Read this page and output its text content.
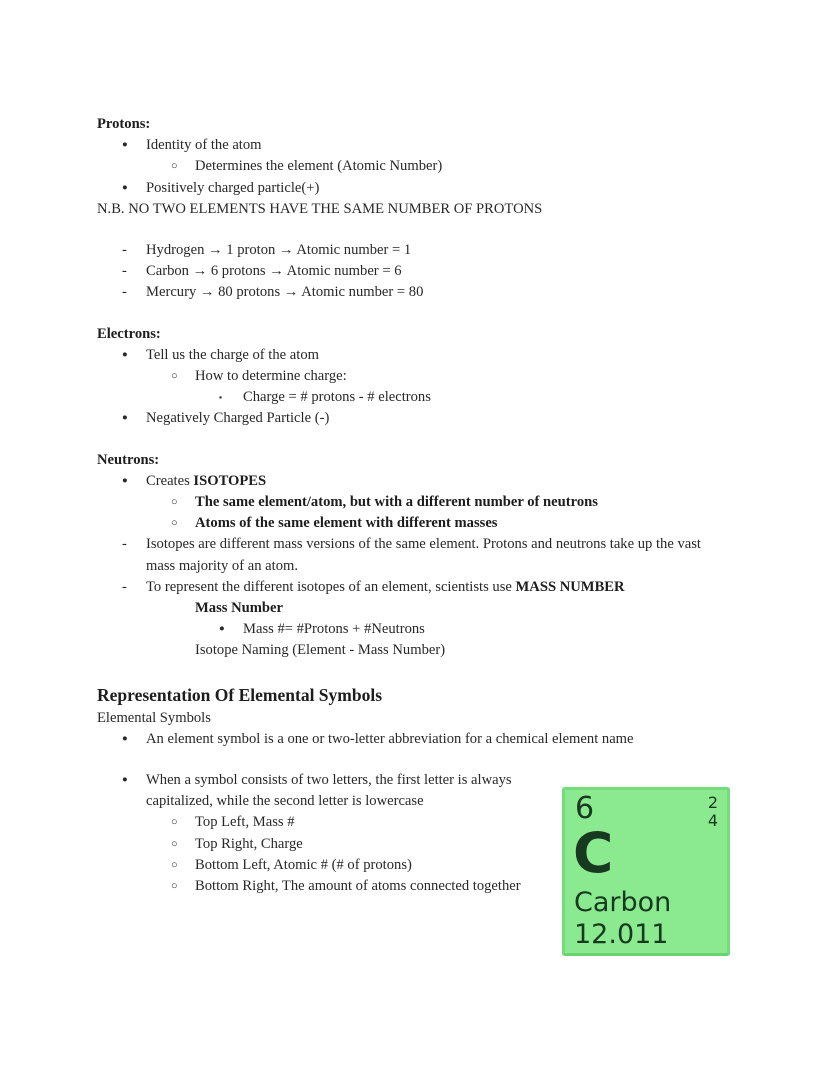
Protons:
● Identity of the atom
○ Determines the element (Atomic Number)
● Positively charged particle(+)
N.B. NO TWO ELEMENTS HAVE THE SAME NUMBER OF PROTONS
- Hydrogen → 1 proton → Atomic number = 1
- Carbon → 6 protons → Atomic number = 6
- Mercury → 80 protons → Atomic number = 80
Electrons:
● Tell us the charge of the atom
○ How to determine charge:
▪ Charge = # protons - # electrons
● Negatively Charged Particle (-)
Neutrons:
● Creates ISOTOPES
○ The same element/atom, but with a different number of neutrons
○ Atoms of the same element with different masses
- Isotopes are different mass versions of the same element. Protons and neutrons take up the vast mass majority of an atom.
- To represent the different isotopes of an element, scientists use MASS NUMBER
Mass Number
● Mass #= #Protons + #Neutrons
Isotope Naming (Element - Mass Number)
Representation Of Elemental Symbols
Elemental Symbols
● An element symbol is a one or two-letter abbreviation for a chemical element name
● When a symbol consists of two letters, the first letter is always capitalized, while the second letter is lowercase
○ Top Left, Mass #
○ Top Right, Charge
○ Bottom Left, Atomic # (# of protons)
○ Bottom Right, The amount of atoms connected together
6	2
4
C
Carbon
12.011
